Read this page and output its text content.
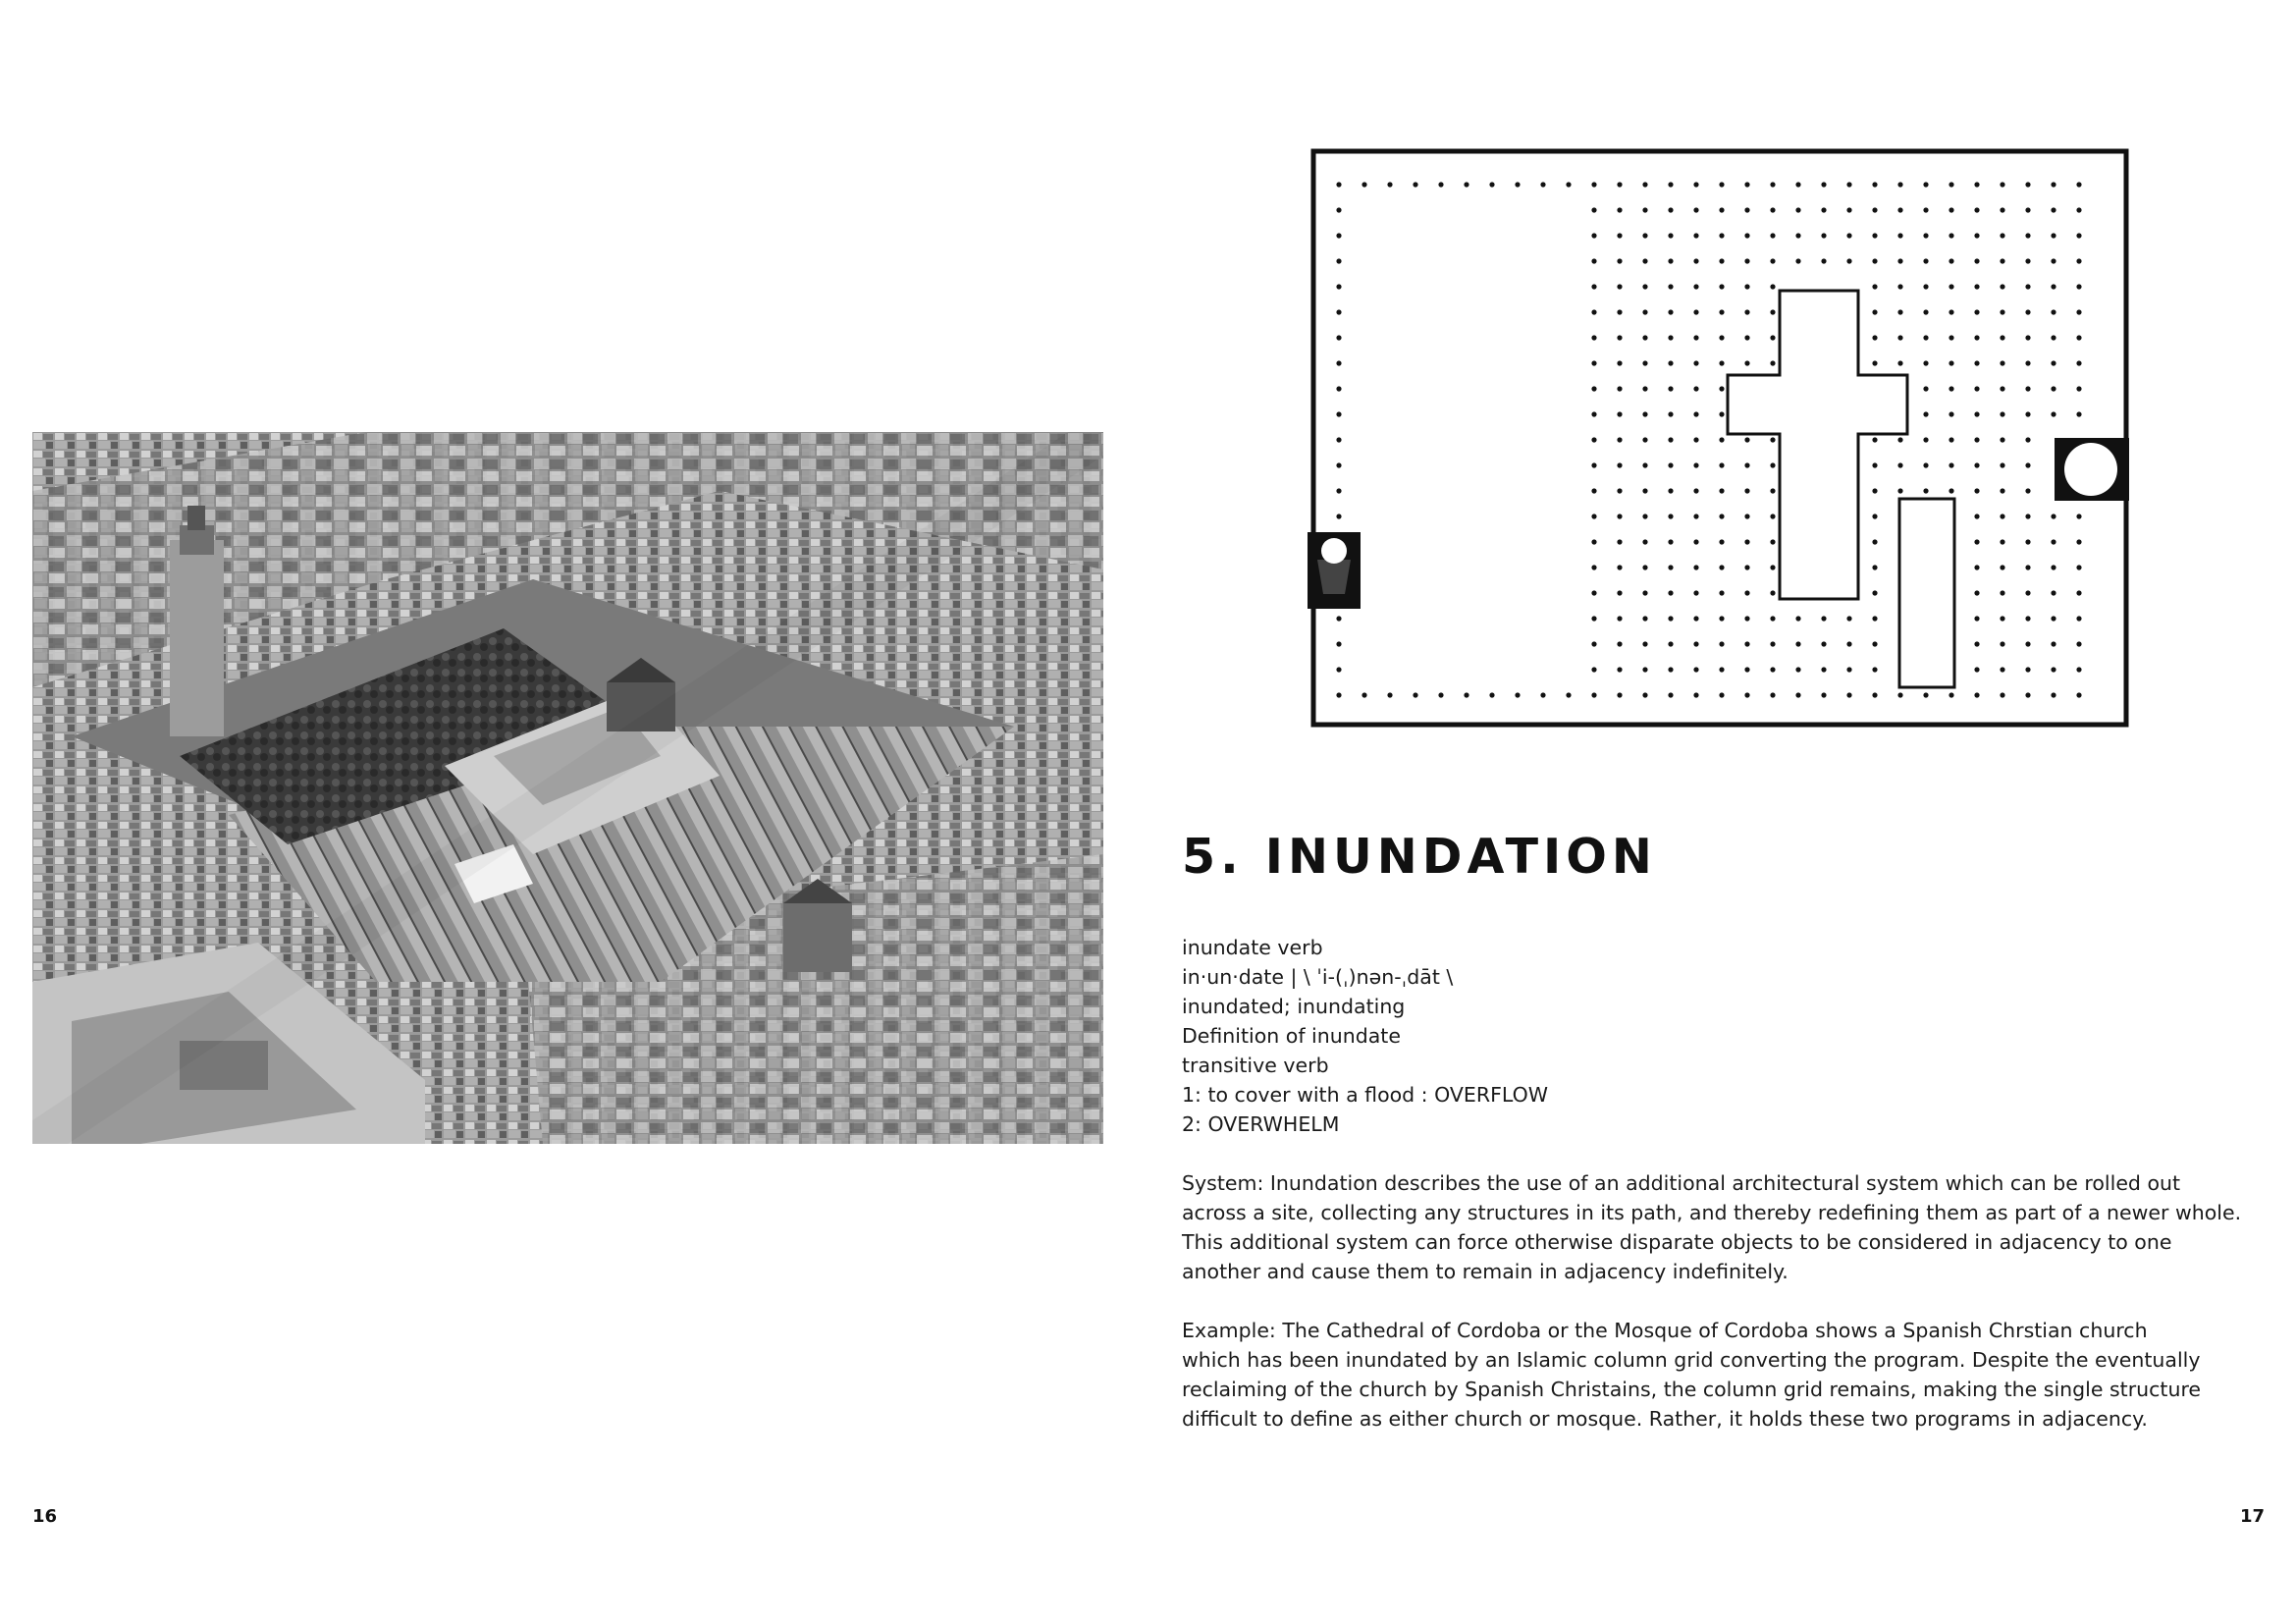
5. INUNDATION
inundate verb
in·un·date | \ ˈi-(ˌ)nən-ˌdāt \
inundated; inundating
Definition of inundate
transitive verb
1: to cover with a flood : OVERFLOW
2: OVERWHELM

System: Inundation describes the use of an additional architectural system which can be rolled out
across a site, collecting any structures in its path, and thereby redefining them as part of a newer whole.
This additional system can force otherwise disparate objects to be considered in adjacency to one
another and cause them to remain in adjacency indefinitely.

Example: The Cathedral of Cordoba or the Mosque of Cordoba shows a Spanish Chrstian church
which has been inundated by an Islamic column grid converting the program. Despite the eventually
reclaiming of the church by Spanish Christains, the column grid remains, making the single structure
difficult to define as either church or mosque. Rather, it holds these two programs in adjacency.

16	17
